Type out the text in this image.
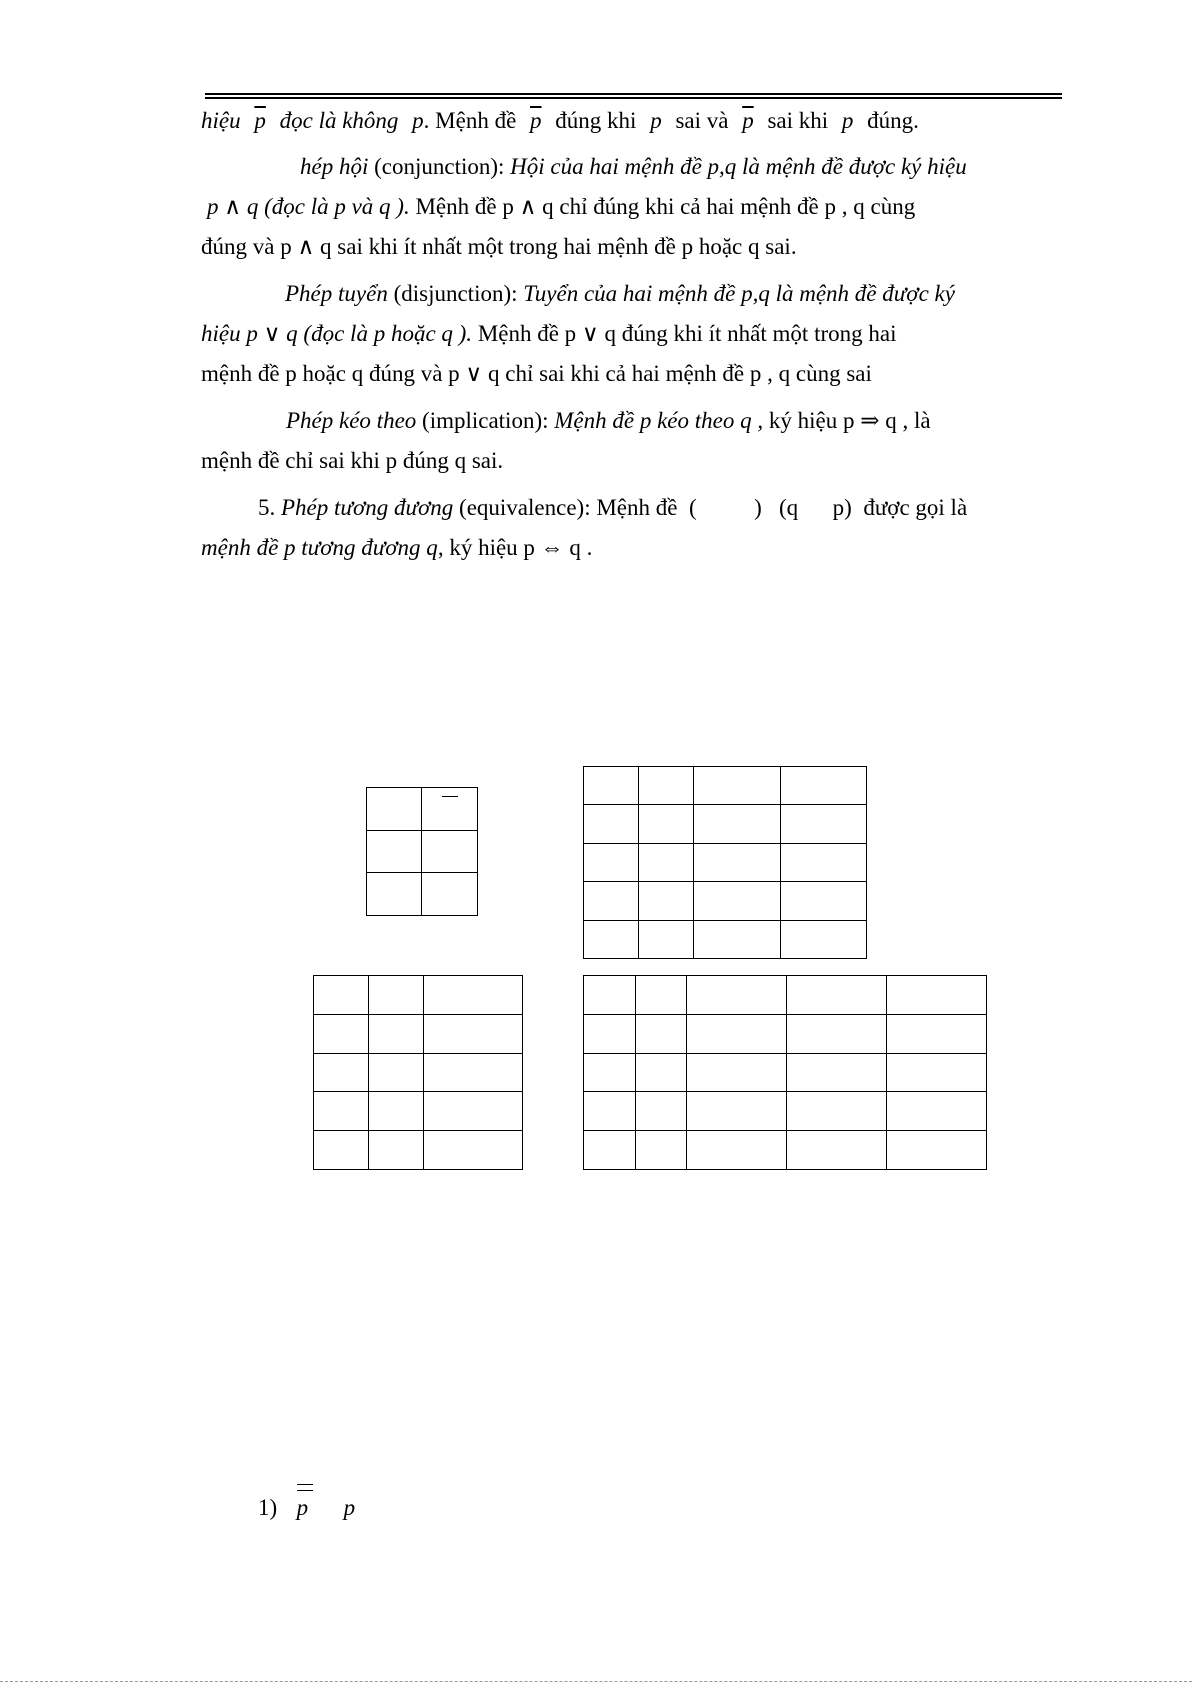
hiệu $\overline{p}$ đọc là không p. Mệnh đề $\overline{p}$ đúng khi p sai và $\overline{p}$ sai khi p đúng.
hép hội (conjunction): Hội của hai mệnh đề p,q là mệnh đề được ký hiệu
p ∧ q (đọc là p và q ). Mệnh đề p ∧ q chỉ đúng khi cả hai mệnh đề p , q cùng
đúng và p ∧ q sai khi ít nhất một trong hai mệnh đề p hoặc q sai.
Phép tuyển (disjunction): Tuyển của hai mệnh đề p,q là mệnh đề được ký
hiệu p ∨ q (đọc là p hoặc q ). Mệnh đề p ∨ q đúng khi ít nhất một trong hai
mệnh đề p hoặc q đúng và p ∨ q chỉ sai khi cả hai mệnh đề p , q cùng sai
Phép kéo theo (implication): Mệnh đề p kéo theo q , ký hiệu p ⇒ q , là
mệnh đề chỉ sai khi p đúng q sai.
5. Phép tương đương (equivalence): Mệnh đề  (          )   (q      p)  được gọi là
mệnh đề p tương đương q, ký hiệu p ⇔ q .

1) p p
